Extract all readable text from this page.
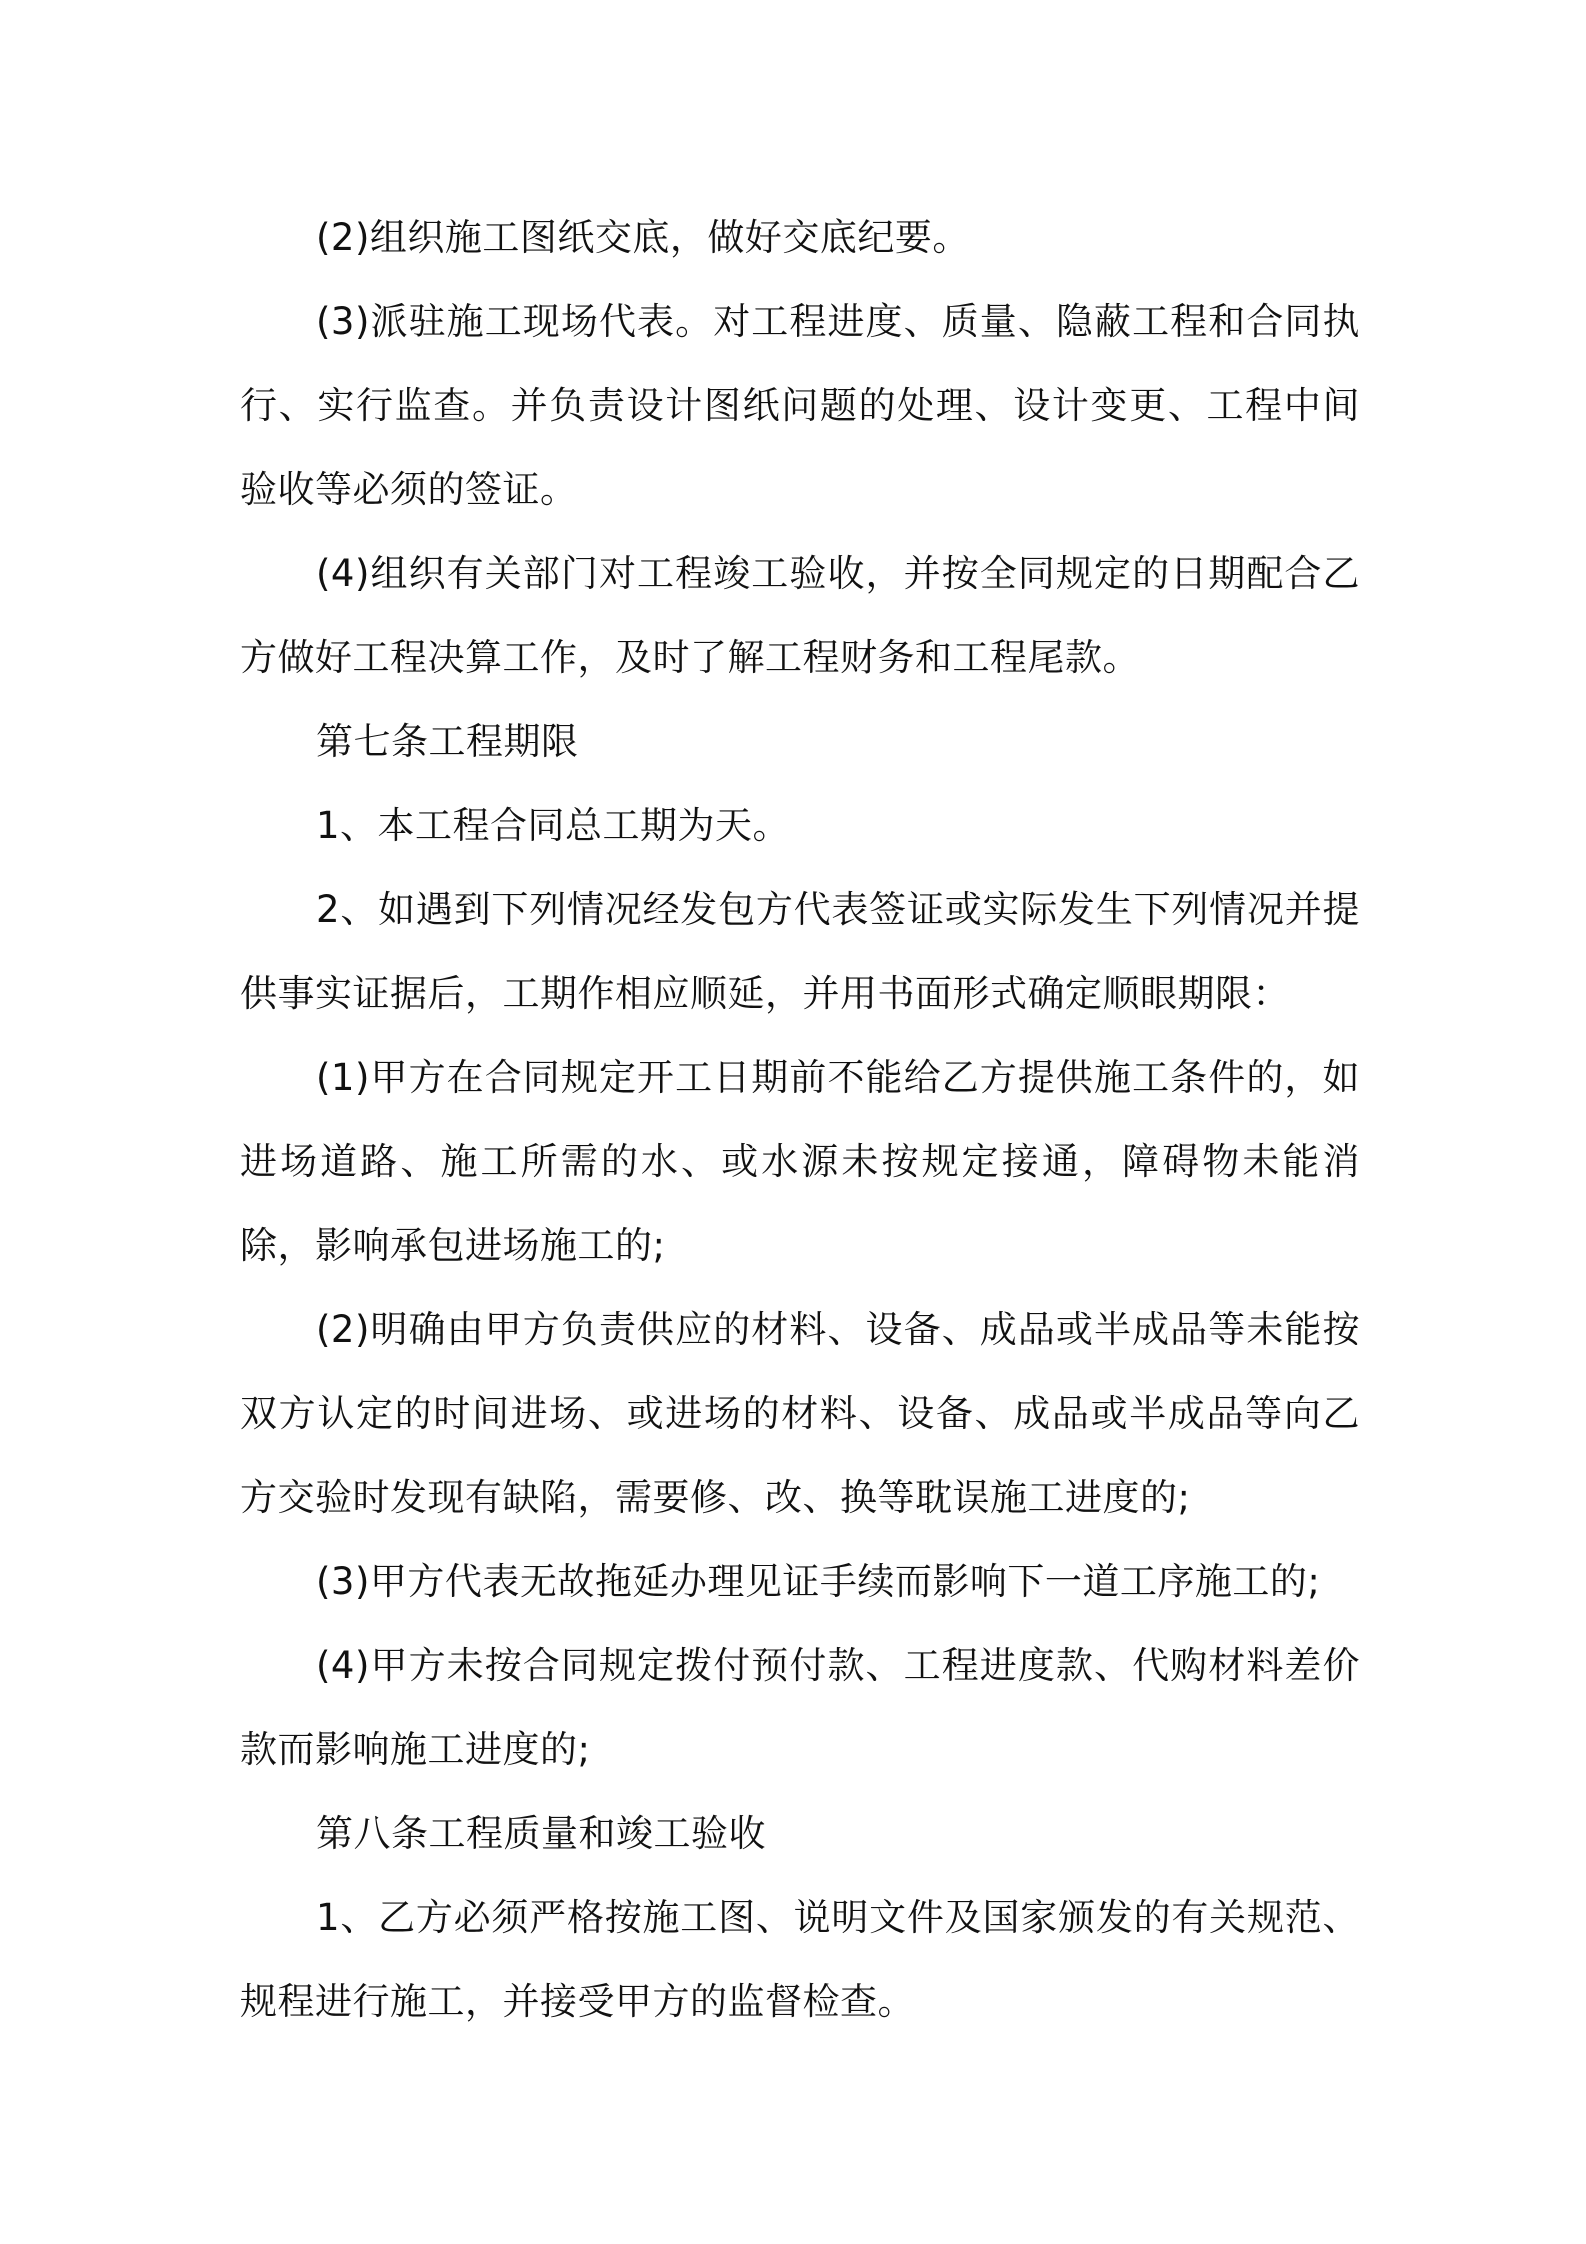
(2)组织施工图纸交底，做好交底纪要。

(3)派驻施工现场代表。对工程进度、质量、隐蔽工程和合同执行、实行监查。并负责设计图纸问题的处理、设计变更、工程中间验收等必须的签证。

(4)组织有关部门对工程竣工验收，并按全同规定的日期配合乙方做好工程决算工作，及时了解工程财务和工程尾款。

第七条工程期限

1、本工程合同总工期为天。

2、如遇到下列情况经发包方代表签证或实际发生下列情况并提供事实证据后，工期作相应顺延，并用书面形式确定顺眼期限：

(1)甲方在合同规定开工日期前不能给乙方提供施工条件的，如进场道路、施工所需的水、或水源未按规定接通，障碍物未能消除，影响承包进场施工的;

(2)明确由甲方负责供应的材料、设备、成品或半成品等未能按双方认定的时间进场、或进场的材料、设备、成品或半成品等向乙方交验时发现有缺陷，需要修、改、换等耽误施工进度的;

(3)甲方代表无故拖延办理见证手续而影响下一道工序施工的;

(4)甲方未按合同规定拨付预付款、工程进度款、代购材料差价款而影响施工进度的;

第八条工程质量和竣工验收

1、乙方必须严格按施工图、说明文件及国家颁发的有关规范、规程进行施工，并接受甲方的监督检查。
